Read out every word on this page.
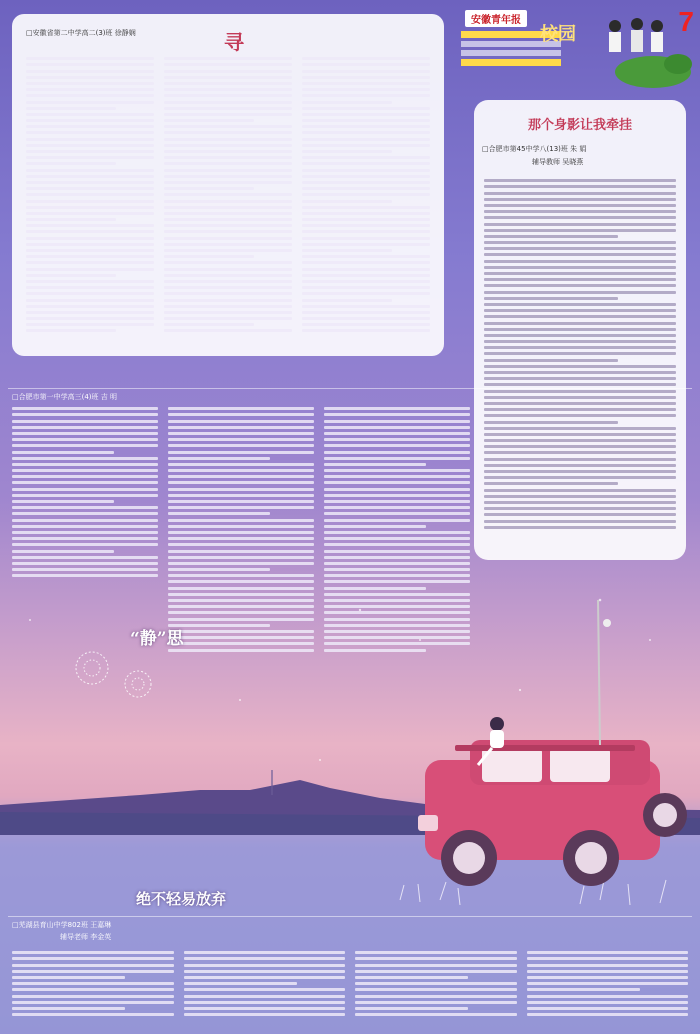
安徽青年报
校园	7
寻
□安徽省第二中学高二(3)班 徐静娴
那个身影让我牵挂
□合肥市第45中学八(13)班 朱 娟
辅导教师 吴晓燕
□合肥市第一中学高三(4)班 吉 明
“静”思
绝不轻易放弃
□芜湖县育山中学802班 王嘉琳
辅导老师 李金英
